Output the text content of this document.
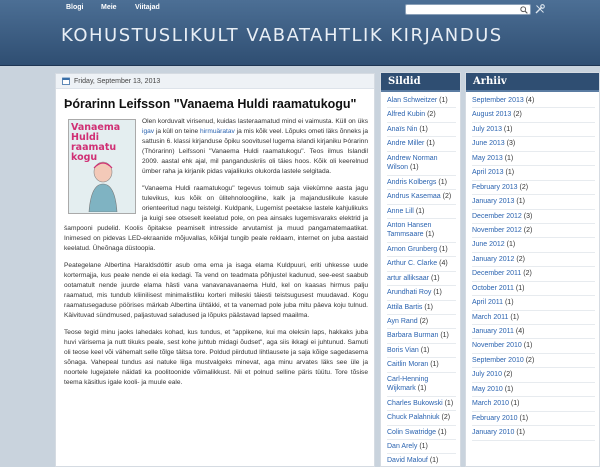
Blogi	Meie	Viitajad
KOHUSTUSLIKULT VABATAHTLIK KIRJANDUS
Friday, September 13, 2013
Þórarinn Leifsson "Vanaema Huldi raamatukogu"
Vanaema Huldi raamatu kogu

Olen korduvalt virisenud, kuidas lasteraamatud mind ei vaimusta. Küll on üks igav ja küll on teine hirmuäratav ja mis kõik veel. Lõpuks ometi läks õnneks ja sattusin 6. klassi kirjanduse õpiku soovitusel lugema islandi kirjaniku Þórarinn (Thórarinn) Leifssoni "Vanaema Huldi raamatukogu". Teos ilmus Islandil 2009. aastal ehk ajal, mil panganduskriis oli täies hoos. Kõik oli keerelnud ümber raha ja kirjanik pidas vajalikuks olukorda lastele selgitada.

"Vanaema Huldi raamatukogu" tegevus toimub saja viiekümne aasta jagu tulevikus, kus kõik on ülitehnoloogiline, kalk ja majanduslikule kasule orienteeritud nagu teistelgi. Kuldpank, Lugemist peetakse lastele kahjulikuks ja kuigi see otseselt keelatud pole, on pea ainsaks lugemisvaraks elektrid ja šampooni pudelid. Koolis õpitakse peamiselt intresside arvutamist ja muud pangamatemaatikat. Inimesed on pidevas LED-ekraanide mõjuvallas, kõikjal tungib peale reklaam, internet on juba aastaid keelatud. Üheõnaga düstoopia.

Peategelane Albertina Haraldsdóttir asub oma ema ja isaga elama Kuldpuuri, eriti uhkesse uude kortermajja, kus peale nende ei ela kedagi. Ta vend on teadmata põhjustel kadunud, see-eest saabub ootamatult nende juurde elama hästi vana vanavanavanaema Huld, kel on kaasas hirmus palju raamatud, mis tundub kliinilisest minimalistliku korteri milleski täiesti teistsugusest muudavad. Kogu raamatusegaduse pöörises märkab Albertina ühtäkki, et ta vanemad pole juba mitu päeva koju tulnud. Käivituvad sündmused, paljastuvad saladused ja lõpuks päästavad lapsed maailma.

Teose tegid minu jaoks lahedaks kohad, kus tundus, et "appikene, kui ma oleksin laps, hakkaks juba huvi värisema ja nutt tikuks peale, sest kohe juhtub midagi õudset", aga siis ikkagi ei juhtunud. Samuti oli teose keel või vähemalt selle tõlge täitsa tore. Poldud piirdutud lihtlausete ja saja kõige sagedasema sõnaga. Vahepeal tundus asi natuke liiga mustvalgeks minevat, aga minu arvates läks see üle ja noortele lugejatele näidati ka poolitoonide võimalikkust. Nii et polnud selline päris tüütu. Tore tõsise teema käsitlus igale kooli- ja muule eale.

Sildid
Alan Schweitzer (1)
Alfred Kubin (2)
Anaïs Nin (1)
Andre Miller (1)
Andrew Norman Wilson (1)
Andris Kolbergs (1)
Andrus Kasemaa (2)
Anne Lill (1)
Anton Hansen Tammsaare (1)
Arnon Grunberg (1)
Arthur C. Clarke (4)
artur alliksaar (1)
Arundhati Roy (1)
Attila Bartis (1)
Ayn Rand (2)
Barbara Burman (1)
Boris Vian (1)
Caitlin Moran (1)
Carl-Henning Wijkmark (1)
Charles Bukowski (1)
Chuck Palahniuk (2)
Colin Swatridge (1)
Dan Arely (1)
David Malouf (1)
Arhiiv
September 2013 (4)
August 2013 (2)
July 2013 (1)
June 2013 (3)
May 2013 (1)
April 2013 (1)
February 2013 (2)
January 2013 (1)
December 2012 (3)
November 2012 (2)
June 2012 (1)
January 2012 (2)
December 2011 (2)
October 2011 (1)
April 2011 (1)
March 2011 (1)
January 2011 (4)
November 2010 (1)
September 2010 (2)
July 2010 (2)
May 2010 (1)
March 2010 (1)
February 2010 (1)
January 2010 (1)
